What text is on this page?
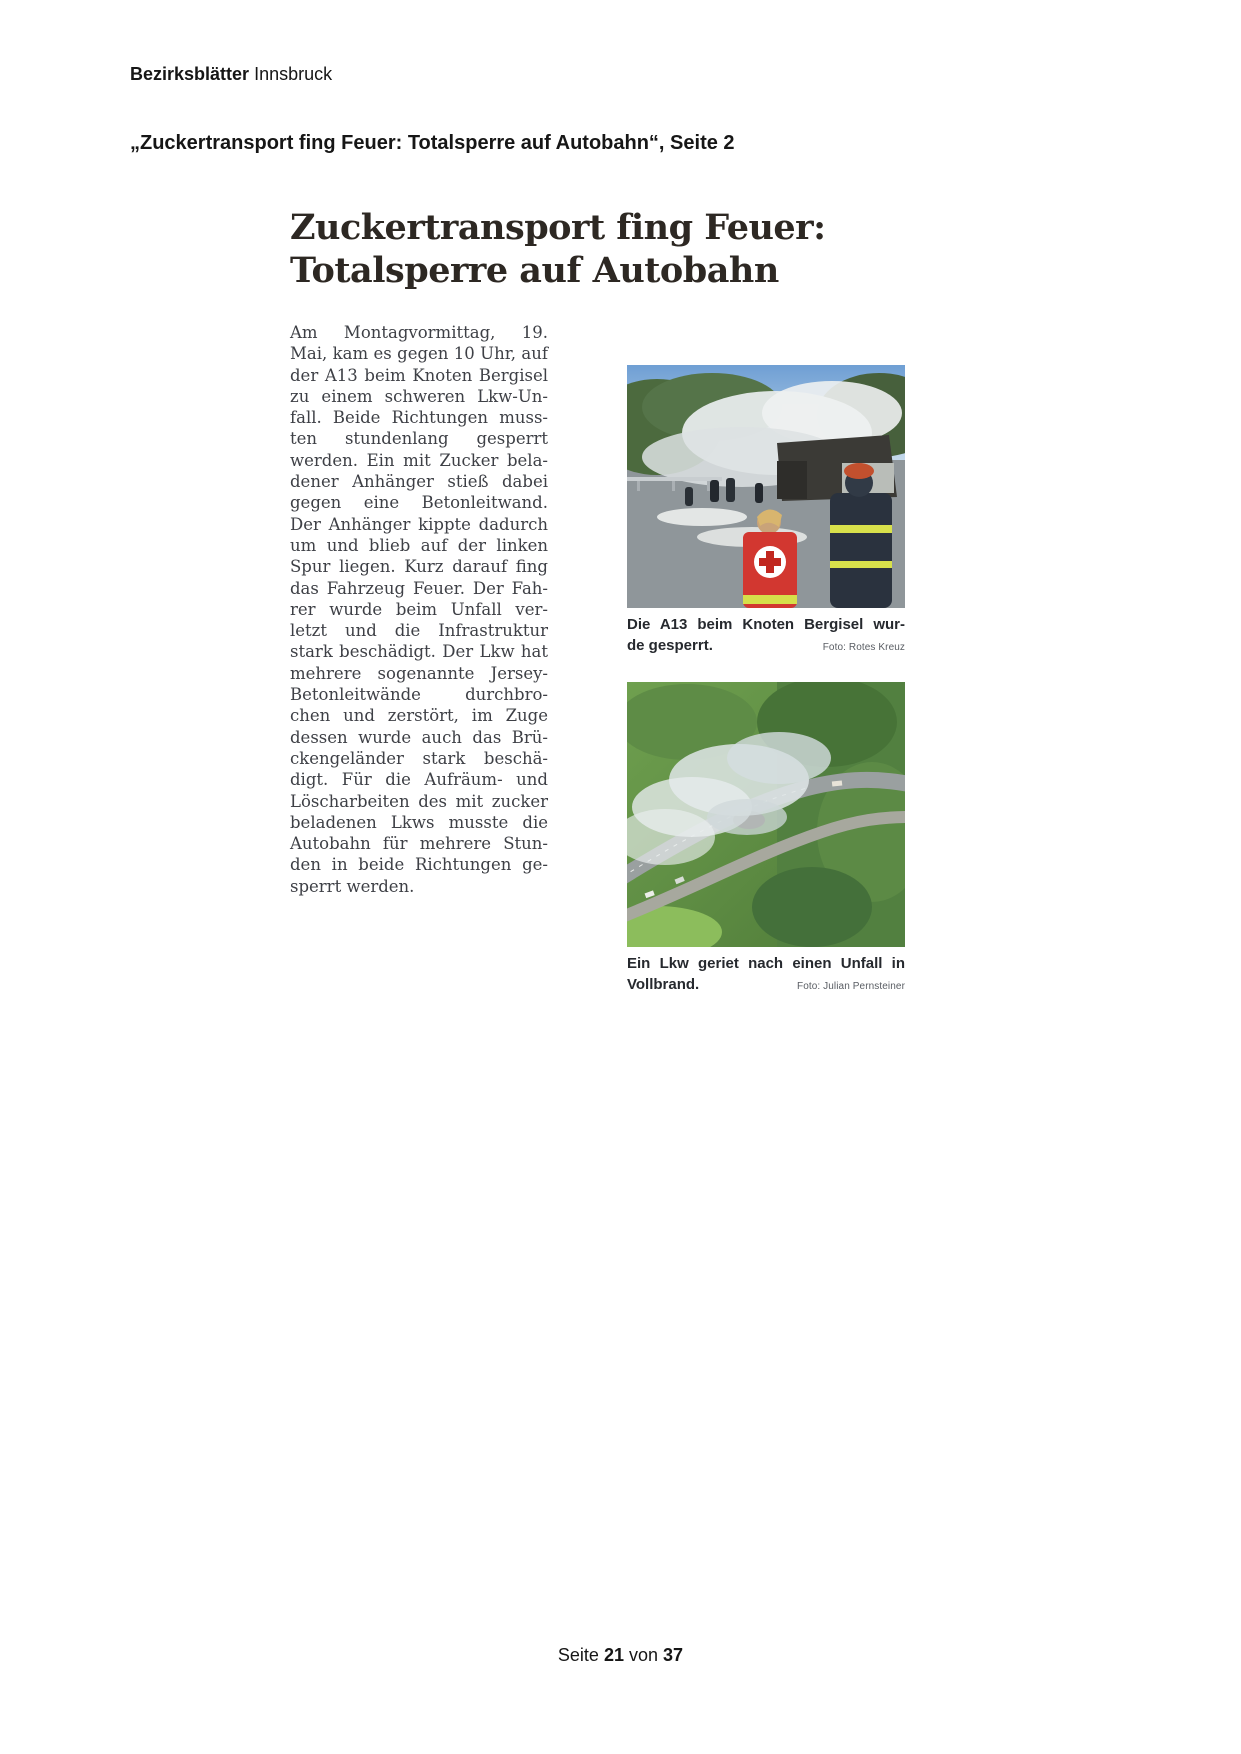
Bezirksblätter Innsbruck
„Zuckertransport fing Feuer: Totalsperre auf Autobahn“, Seite 2
Zuckertransport fing Feuer:
Totalsperre auf Autobahn
Am Montagvormittag, 19.
Mai, kam es gegen 10 Uhr, auf
der A13 beim Knoten Bergisel
zu einem schweren Lkw-Un-
fall. Beide Richtungen muss-
ten stundenlang gesperrt
werden. Ein mit Zucker bela-
dener Anhänger stieß dabei
gegen eine Betonleitwand.
Der Anhänger kippte dadurch
um und blieb auf der linken
Spur liegen. Kurz darauf fing
das Fahrzeug Feuer. Der Fah-
rer wurde beim Unfall ver-
letzt und die Infrastruktur
stark beschädigt. Der Lkw hat
mehrere sogenannte Jersey-
Betonleitwände durchbro-
chen und zerstört, im Zuge
dessen wurde auch das Brü-
ckengeländer stark beschä-
digt. Für die Aufräum- und
Löscharbeiten des mit zucker
beladenen Lkws musste die
Autobahn für mehrere Stun-
den in beide Richtungen ge-
sperrt werden.
Die A13 beim Knoten Bergisel wur-
de gesperrt.	Foto: Rotes Kreuz
Ein Lkw geriet nach einen Unfall in
Vollbrand.	Foto: Julian Pernsteiner
Seite 21 von 37
